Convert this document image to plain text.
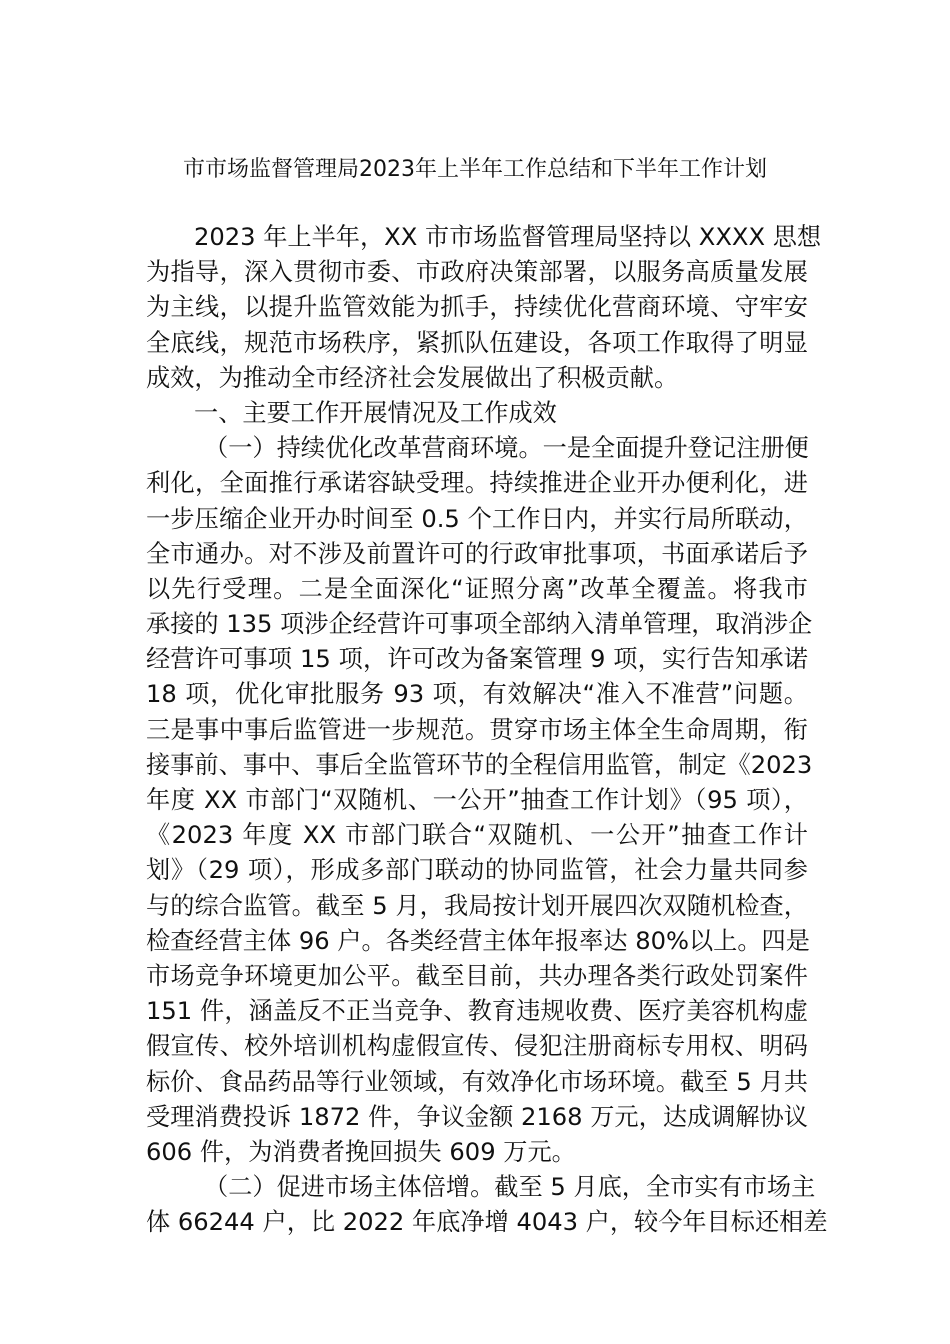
市市场监督管理局2023年上半年工作总结和下半年工作计划
2023 年上半年，XX 市市场监督管理局坚持以 XXXX 思想
为指导，深入贯彻市委、市政府决策部署，以服务高质量发展
为主线，以提升监管效能为抓手，持续优化营商环境、守牢安
全底线，规范市场秩序，紧抓队伍建设，各项工作取得了明显
成效，为推动全市经济社会发展做出了积极贡献。
一、主要工作开展情况及工作成效
（一）持续优化改革营商环境。一是全面提升登记注册便
利化，全面推行承诺容缺受理。持续推进企业开办便利化，进
一步压缩企业开办时间至 0.5 个工作日内，并实行局所联动，
全市通办。对不涉及前置许可的行政审批事项，书面承诺后予
以先行受理。二是全面深化“证照分离”改革全覆盖。将我市
承接的 135 项涉企经营许可事项全部纳入清单管理，取消涉企
经营许可事项 15 项，许可改为备案管理 9 项，实行告知承诺
18 项，优化审批服务 93 项，有效解决“准入不准营”问题。
三是事中事后监管进一步规范。贯穿市场主体全生命周期，衔
接事前、事中、事后全监管环节的全程信用监管，制定《2023
年度 XX 市部门“双随机、一公开”抽查工作计划》（95 项），
《2023 年度 XX 市部门联合“双随机、一公开”抽查工作计
划》（29 项），形成多部门联动的协同监管，社会力量共同参
与的综合监管。截至 5 月，我局按计划开展四次双随机检查，
检查经营主体 96 户。各类经营主体年报率达 80%以上。四是
市场竞争环境更加公平。截至目前，共办理各类行政处罚案件
151 件，涵盖反不正当竞争、教育违规收费、医疗美容机构虚
假宣传、校外培训机构虚假宣传、侵犯注册商标专用权、明码
标价、食品药品等行业领域，有效净化市场环境。截至 5 月共
受理消费投诉 1872 件，争议金额 2168 万元，达成调解协议
606 件，为消费者挽回损失 609 万元。
（二）促进市场主体倍增。截至 5 月底，全市实有市场主
体 66244 户，比 2022 年底净增 4043 户，较今年目标还相差
